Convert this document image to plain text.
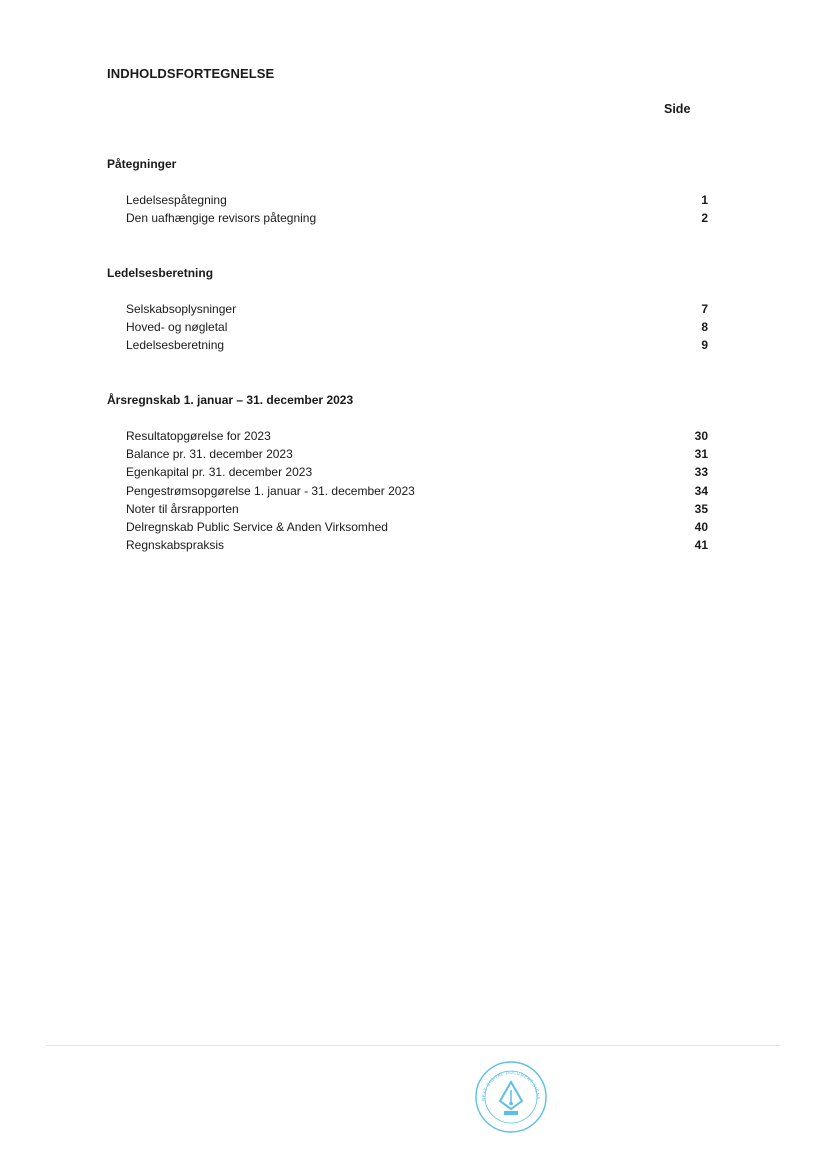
INDHOLDSFORTEGNELSE
Side
Påtegninger
Ledelsespåtegning	1
Den uafhængige revisors påtegning	2
Ledelsesberetning
Selskabsoplysninger	7
Hoved- og nøgletal	8
Ledelsesberetning	9
Årsregnskab 1. januar – 31. december 2023
Resultatopgørelse for 2023	30
Balance pr. 31. december 2023	31
Egenkapital pr. 31. december 2023	33
Pengestrømsopgørelse 1. januar - 31. december 2023	34
Noter til årsrapporten	35
Delregnskab Public Service & Anden Virksomhed	40
Regnskabspraksis	41
NEXT DIGITAL DOCUMENT SIGNA
